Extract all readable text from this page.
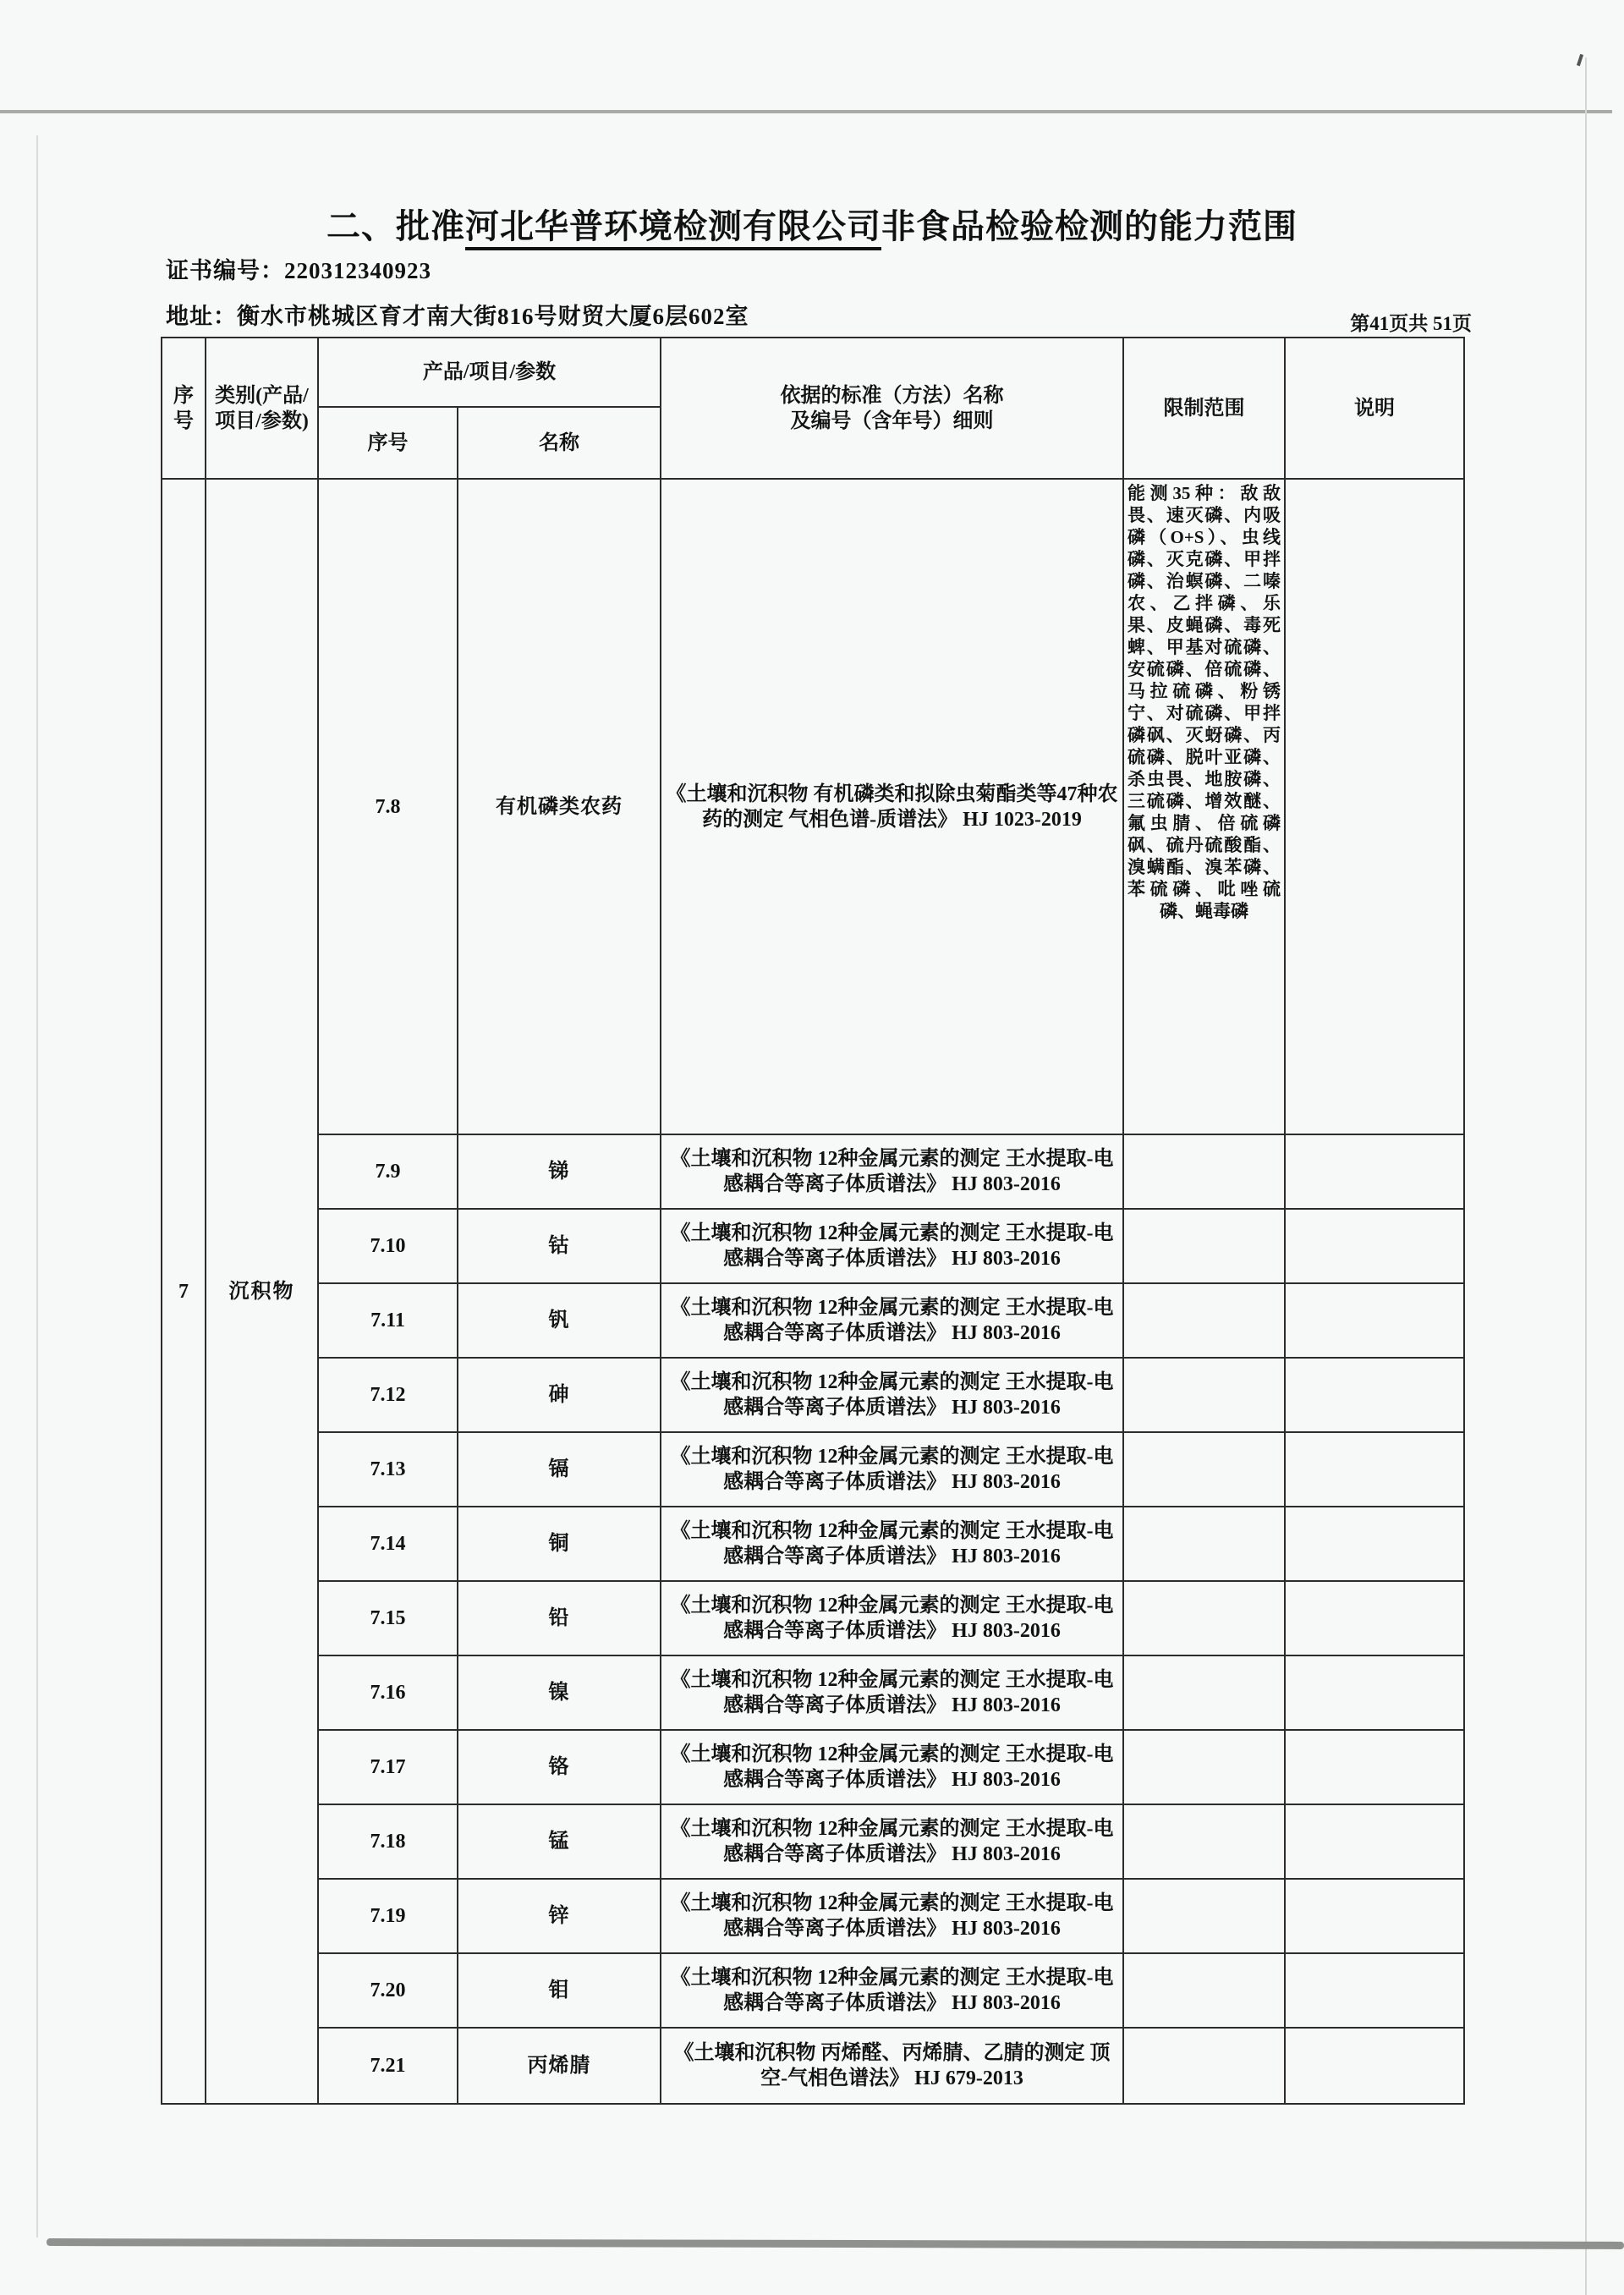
二、批准河北华普环境检测有限公司非食品检验检测的能力范围
证书编号：220312340923
地址：衡水市桃城区育才南大街816号财贸大厦6层602室	第41页共 51页
序号	类别(产品/项目/参数)	产品/项目/参数		依据的标准（方法）名称及编号（含年号）细则	限制范围	说明
		序号	名称			
7	沉积物	7.8	有机磷类农药	《土壤和沉积物 有机磷类和拟除虫菊酯类等47种农药的测定 气相色谱-质谱法》 HJ 1023-2019	能测35种：敌敌畏、速灭磷、内吸磷（O+S）、虫线磷、灭克磷、甲拌磷、治螟磷、二嗪农、乙拌磷、乐果、皮蝇磷、毒死蜱、甲基对硫磷、安硫磷、倍硫磷、马拉硫磷、粉锈宁、对硫磷、甲拌磷砜、灭蚜磷、丙硫磷、脱叶亚磷、杀虫畏、地胺磷、三硫磷、增效醚、氟虫腈、倍硫磷砜、硫丹硫酸酯、溴螨酯、溴苯磷、苯硫磷、吡唑硫磷、蝇毒磷	

		7.9	锑	《土壤和沉积物 12种金属元素的测定 王水提取-电感耦合等离子体质谱法》 HJ 803-2016		
		7.10	钴	《土壤和沉积物 12种金属元素的测定 王水提取-电感耦合等离子体质谱法》 HJ 803-2016		
		7.11	钒	《土壤和沉积物 12种金属元素的测定 王水提取-电感耦合等离子体质谱法》 HJ 803-2016		
		7.12	砷	《土壤和沉积物 12种金属元素的测定 王水提取-电感耦合等离子体质谱法》 HJ 803-2016		
		7.13	镉	《土壤和沉积物 12种金属元素的测定 王水提取-电感耦合等离子体质谱法》 HJ 803-2016		
		7.14	铜	《土壤和沉积物 12种金属元素的测定 王水提取-电感耦合等离子体质谱法》 HJ 803-2016		
		7.15	铅	《土壤和沉积物 12种金属元素的测定 王水提取-电感耦合等离子体质谱法》 HJ 803-2016		
		7.16	镍	《土壤和沉积物 12种金属元素的测定 王水提取-电感耦合等离子体质谱法》 HJ 803-2016		
		7.17	铬	《土壤和沉积物 12种金属元素的测定 王水提取-电感耦合等离子体质谱法》 HJ 803-2016		
		7.18	锰	《土壤和沉积物 12种金属元素的测定 王水提取-电感耦合等离子体质谱法》 HJ 803-2016		
		7.19	锌	《土壤和沉积物 12种金属元素的测定 王水提取-电感耦合等离子体质谱法》 HJ 803-2016		
		7.20	钼	《土壤和沉积物 12种金属元素的测定 王水提取-电感耦合等离子体质谱法》 HJ 803-2016		
		7.21	丙烯腈	《土壤和沉积物 丙烯醛、丙烯腈、乙腈的测定 顶空-气相色谱法》 HJ 679-2013		
